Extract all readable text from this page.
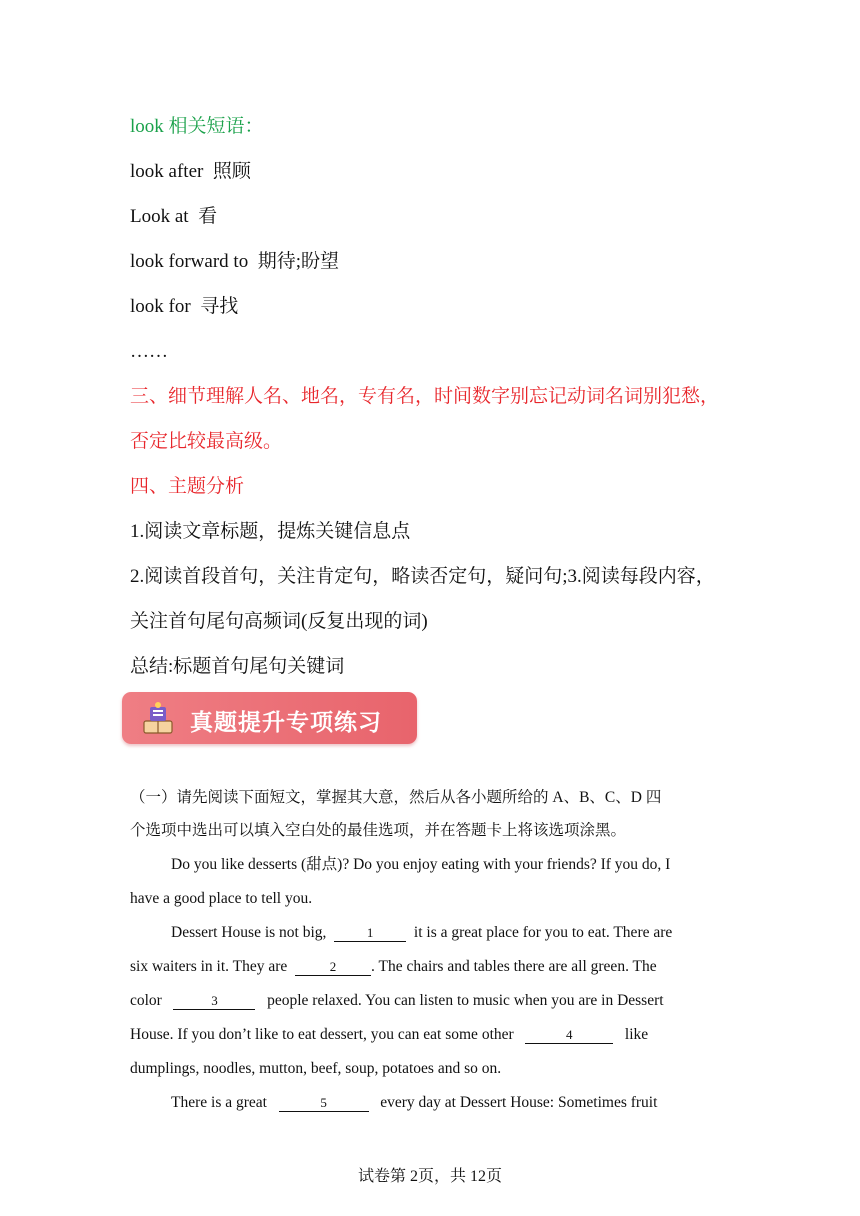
look 相关短语：
look after 照顾
Look at 看
look forward to 期待;盼望
look for 寻找
……
三、细节理解人名、地名，专有名，时间数字别忘记动词名词别犯愁，
否定比较最高级。
四、主题分析
1.阅读文章标题，提炼关键信息点
2.阅读首段首句，关注肯定句，略读否定句，疑问句;3.阅读每段内容，
关注首句尾句高频词(反复出现的词)
总结:标题首句尾句关键词
真题提升专项练习
（一）请先阅读下面短文，掌握其大意，然后从各小题所给的 A、B、C、D 四
个选项中选出可以填入空白处的最佳选项，并在答题卡上将该选项涂黑。
Do you like desserts (甜点)? Do you enjoy eating with your friends? If you do, I
have a good place to tell you.
Dessert House is not big,	1	it is a great place for you to eat. There are
six waiters in it. They are	2 . The chairs and tables there are all green. The
color	3	people relaxed. You can listen to music when you are in Dessert
House. If you don’t like to eat dessert, you can eat some other	4	like
dumplings, noodles, mutton, beef, soup, potatoes and so on.
There is a great	5	every day at Dessert House: Sometimes fruit
试卷第 2页，共 12页
